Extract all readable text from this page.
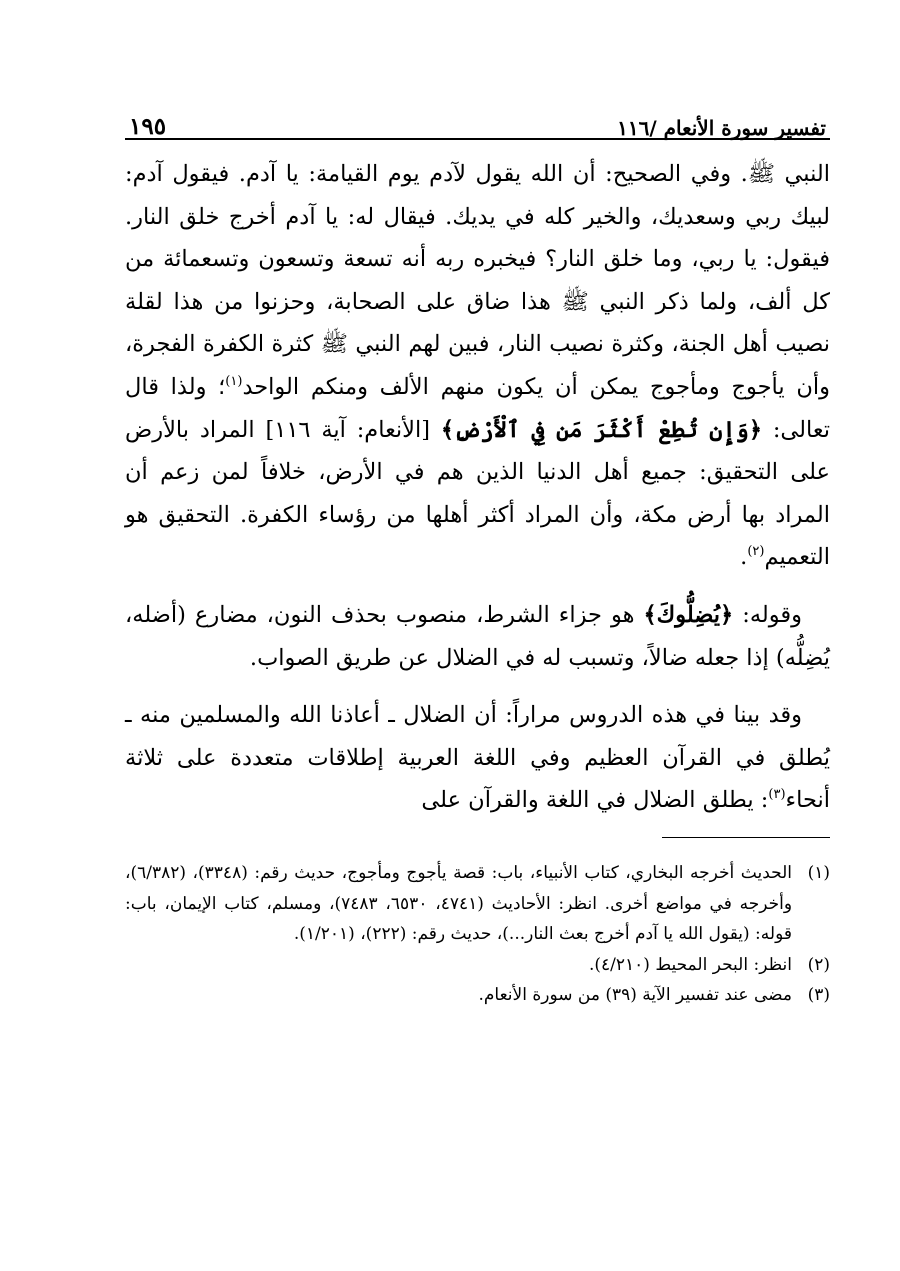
تفسير سورة الأنعام /١١٦
١٩٥

النبي ﷺ. وفي الصحيح: أن الله يقول لآدم يوم القيامة: يا آدم. فيقول آدم: لبيك ربي وسعديك، والخير كله في يديك. فيقال له: يا آدم أخرج خلق النار. فيقول: يا ربي، وما خلق النار؟ فيخبره ربه أنه تسعة وتسعون وتسعمائة من كل ألف، ولما ذكر النبي ﷺ هذا ضاق على الصحابة، وحزنوا من هذا لقلة نصيب أهل الجنة، وكثرة نصيب النار، فبين لهم النبي ﷺ كثرة الكفرة الفجرة، وأن يأجوج ومأجوج يمكن أن يكون منهم الألف ومنكم الواحد$^{(١)}$؛ ولذا قال تعالى: ﴿وَإِن تُطِعْ أَكْثَرَ مَن فِي ٱلْأَرْضِ﴾ [الأنعام: آية ١١٦] المراد بالأرض على التحقيق: جميع أهل الدنيا الذين هم في الأرض، خلافاً لمن زعم أن المراد بها أرض مكة، وأن المراد أكثر أهلها من رؤساء الكفرة. التحقيق هو التعميم$^{(٢)}$.

وقوله: ﴿يُضِلُّوكَ﴾ هو جزاء الشرط، منصوب بحذف النون، مضارع (أضله، يُضِلُّه) إذا جعله ضالاً، وتسبب له في الضلال عن طريق الصواب.

وقد بينا في هذه الدروس مراراً: أن الضلال ـ أعاذنا الله والمسلمين منه ـ يُطلق في القرآن العظيم وفي اللغة العربية إطلاقات متعددة على ثلاثة أنحاء$^{(٣)}$: يطلق الضلال في اللغة والقرآن على

(١)
الحديث أخرجه البخاري، كتاب الأنبياء، باب: قصة يأجوج ومأجوج، حديث رقم: (٣٣٤٨)، (٦/٣٨٢)، وأخرجه في مواضع أخرى. انظر: الأحاديث (٤٧٤١، ٦٥٣٠، ٧٤٨٣)، ومسلم، كتاب الإيمان، باب: قوله: (يقول الله يا آدم أخرج بعث النار...)، حديث رقم: (٢٢٢)، (١/٢٠١).
(٢)
انظر: البحر المحيط (٤/٢١٠).
(٣)
مضى عند تفسير الآية (٣٩) من سورة الأنعام.
